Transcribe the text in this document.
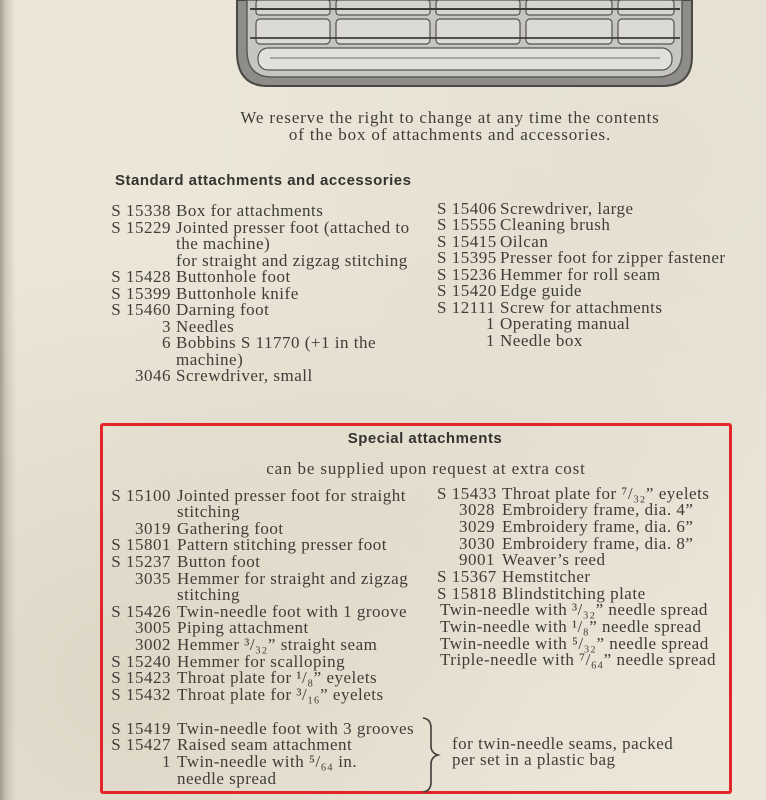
We reserve the right to change at any time the contents
of the box of attachments and accessories.
Standard attachments and accessories
S 15338 Box for attachments
S 15229 Jointed presser foot (attached to
the machine)
for straight and zigzag stitching
S 15428 Buttonhole foot
S 15399 Buttonhole knife
S 15460 Darning foot
3 Needles
6 Bobbins S 11770 (+1 in the
machine)
3046 Screwdriver, small
S 15406 Screwdriver, large
S 15555 Cleaning brush
S 15415 Oilcan
S 15395 Presser foot for zipper fastener
S 15236 Hemmer for roll seam
S 15420 Edge guide
S 12111 Screw for attachments
1 Operating manual
1 Needle box
Special attachments
can be supplied upon request at extra cost
S 15100 Jointed presser foot for straight
stitching
3019 Gathering foot
S 15801 Pattern stitching presser foot
S 15237 Button foot
3035 Hemmer for straight and zigzag
stitching
S 15426 Twin-needle foot with 1 groove
3005 Piping attachment
3002 Hemmer ³/₃₂” straight seam
S 15240 Hemmer for scalloping
S 15423 Throat plate for ¹/₈” eyelets
S 15432 Throat plate for ³/₁₆” eyelets
S 15433 Throat plate for ⁷/₃₂” eyelets
3028 Embroidery frame, dia. 4”
3029 Embroidery frame, dia. 6”
3030 Embroidery frame, dia. 8”
9001 Weaver’s reed
S 15367 Hemstitcher
S 15818 Blindstitching plate
Twin-needle with ³/₃₂” needle spread
Twin-needle with ¹/₈” needle spread
Twin-needle with ⁵/₃₂” needle spread
Triple-needle with ⁷/₆₄” needle spread
S 15419 Twin-needle foot with 3 grooves
S 15427 Raised seam attachment
1 Twin-needle with ⁵/₆₄ in.
needle spread
for twin-needle seams, packed
per set in a plastic bag
